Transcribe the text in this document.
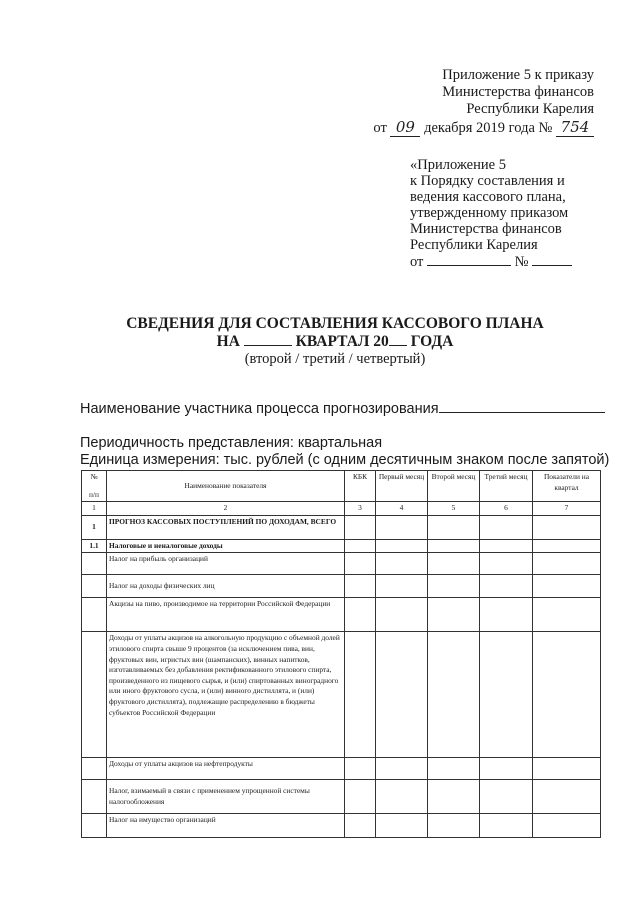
Приложение 5 к приказу
Министерства финансов
Республики Карелия
от 09 декабря 2019 года № 754
«Приложение 5
к Порядку составления и
ведения кассового плана,
утвержденному приказом
Министерства финансов
Республики Карелия
от	№
СВЕДЕНИЯ ДЛЯ СОСТАВЛЕНИЯ КАССОВОГО ПЛАНА
НА	КВАРТАЛ 20 ГОДА
(второй / третий / четвертый)
Наименование участника процесса прогнозирования
Периодичность представления: квартальная
Единица измерения: тыс. рублей (с одним десятичным знаком после запятой)
№
п/п	Наименование показателя	КБК	Первый месяц	Второй месяц	Третий месяц	Показатели на квартал
1	2	3	4	5	6	7
1	ПРОГНОЗ КАССОВЫХ ПОСТУПЛЕНИЙ ПО ДОХОДАМ, ВСЕГО					
1.1	Налоговые и неналоговые доходы					
	Налог на прибыль организаций					
	Налог на доходы физических лиц					
	Акцизы на пиво, производимое на территории Российской Федерации					
	Доходы от уплаты акцизов на алкогольную продукцию с объемной долей этилового спирта свыше 9 процентов (за исключением пива, вин, фруктовых вин, игристых вин (шампанских), винных напитков, изготавливаемых без добавления ректификованного этилового спирта, произведенного из пищевого сырья, и (или) спиртованных виноградного или иного фруктового сусла, и (или) винного дистиллята, и (или) фруктового дистиллята), подлежащие распределению в бюджеты субъектов Российской Федерации					
	Доходы от уплаты акцизов на нефтепродукты					
	Налог, взимаемый в связи с применением упрощенной системы налогообложения					
	Налог на имущество организаций					
